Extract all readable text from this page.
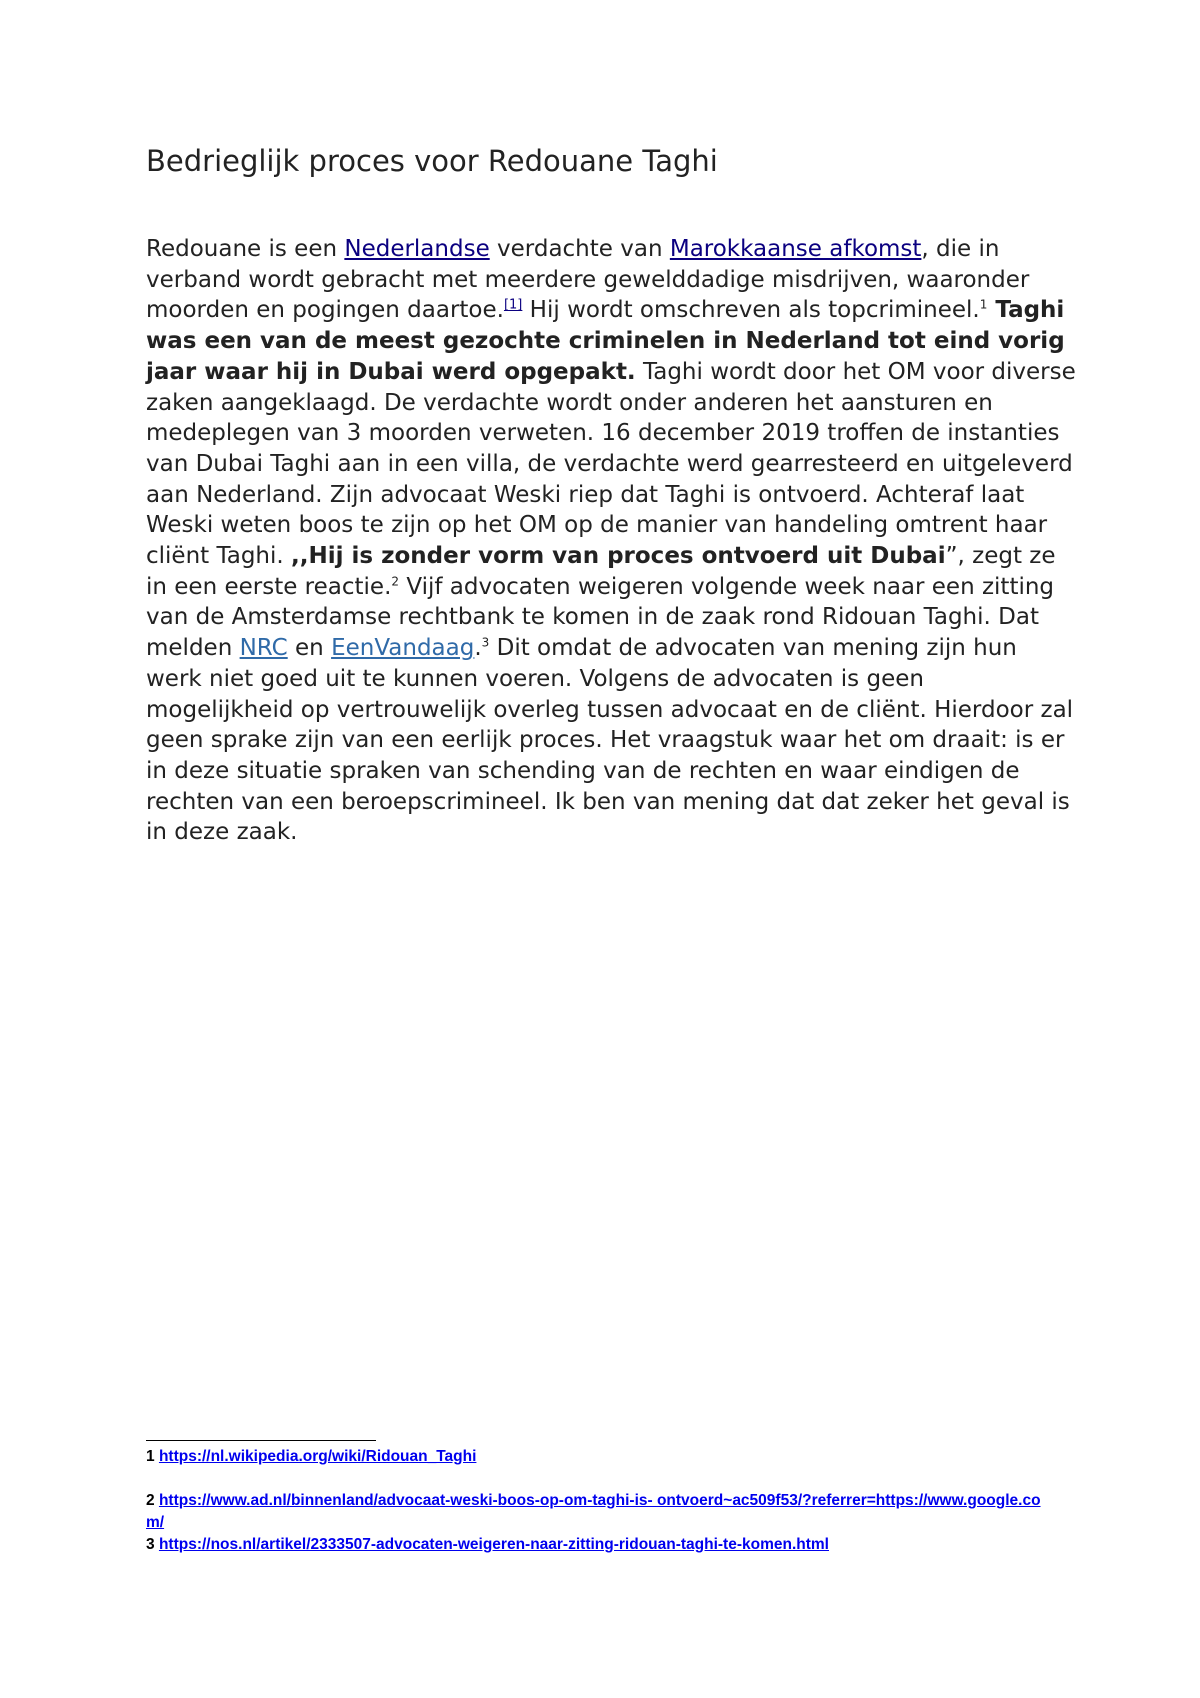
Bedrieglijk proces voor Redouane Taghi

Redouane is een Nederlandse verdachte van Marokkaanse afkomst, die in verband wordt gebracht met meerdere gewelddadige misdrijven, waaronder moorden en pogingen daartoe.[1] Hij wordt omschreven als topcrimineel.$^1$ Taghi was een van de meest gezochte criminelen in Nederland tot eind vorig jaar waar hij in Dubai werd opgepakt. Taghi wordt door het OM voor diverse zaken aangeklaagd. De verdachte wordt onder anderen het aansturen en medeplegen van 3 moorden verweten. 16 december 2019 troffen de instanties van Dubai Taghi aan in een villa, de verdachte werd gearresteerd en uitgeleverd aan Nederland. Zijn advocaat Weski riep dat Taghi is ontvoerd. Achteraf laat Weski weten boos te zijn op het OM op de manier van handeling omtrent haar cliënt Taghi. ,,Hij is zonder vorm van proces ontvoerd uit Dubai”, zegt ze in een eerste reactie.$^2$ Vijf advocaten weigeren volgende week naar een zitting van de Amsterdamse rechtbank te komen in de zaak rond Ridouan Taghi. Dat melden NRC en EenVandaag.$^3$ Dit omdat de advocaten van mening zijn hun werk niet goed uit te kunnen voeren. Volgens de advocaten is geen mogelijkheid op vertrouwelijk overleg tussen advocaat en de cliënt. Hierdoor zal geen sprake zijn van een eerlijk proces. Het vraagstuk waar het om draait: is er in deze situatie spraken van schending van de rechten en waar eindigen de rechten van een beroepscrimineel. Ik ben van mening dat dat zeker het geval is in deze zaak.

1 https://nl.wikipedia.org/wiki/Ridouan_Taghi

2 https://www.ad.nl/binnenland/advocaat-weski-boos-op-om-taghi-is- ontvoerd~ac509f53/?referrer=https://www.google.com/

3 https://nos.nl/artikel/2333507-advocaten-weigeren-naar-zitting-ridouan-taghi-te-komen.html
